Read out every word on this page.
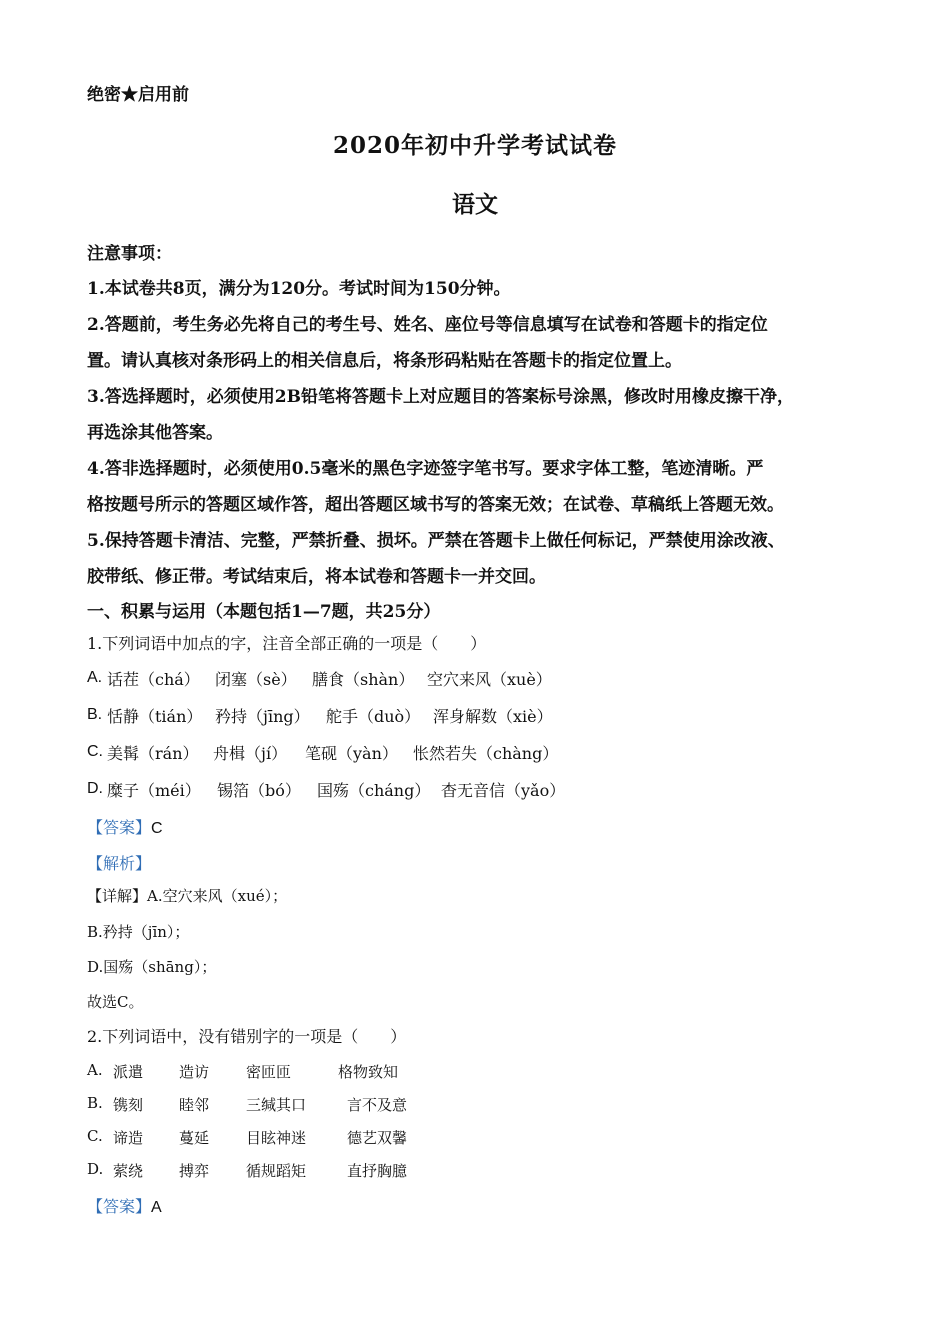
绝密★启用前
2020年初中升学考试试卷
语文
注意事项：
1.本试卷共8页，满分为120分。考试时间为150分钟。
2.答题前，考生务必先将自己的考生号、姓名、座位号等信息填写在试卷和答题卡的指定位
置。请认真核对条形码上的相关信息后，将条形码粘贴在答题卡的指定位置上。
3.答选择题时，必须使用2B铅笔将答题卡上对应题目的答案标号涂黑，修改时用橡皮擦干净，
再选涂其他答案。
4.答非选择题时，必须使用0.5毫米的黑色字迹签字笔书写。要求字体工整，笔迹清晰。严
格按题号所示的答题区域作答，超出答题区域书写的答案无效；在试卷、草稿纸上答题无效。
5.保持答题卡清洁、完整，严禁折叠、损坏。严禁在答题卡上做任何标记，严禁使用涂改液、
胶带纸、修正带。考试结束后，将本试卷和答题卡一并交回。
一、积累与运用（本题包括1—7题，共25分）
1.下列词语中加点的字，注音全部正确的一项是（　　）
A. 话茬（chá） 闭塞（sè） 膳食（shàn） 空穴来风（xuè）
B. 恬静（tián） 矜持（jīng） 舵手（duò） 浑身解数（xiè）
C. 美髯（rán） 舟楫（jí） 笔砚（yàn） 怅然若失（chàng）
D. 糜子（méi） 锡箔（bó） 国殇（cháng） 杳无音信（yǎo）
【答案】C
【解析】
【详解】A.空穴来风（xué）；
B.矜持（jīn）；
D.国殇（shāng）；
故选C。
2.下列词语中，没有错别字的一项是（　　）
A. 派遣 造访 密匝匝	格物致知
B. 镌刻 睦邻 三缄其口	言不及意
C. 谛造 蔓延 目眩神迷	德艺双馨
D. 萦绕 搏弈 循规蹈矩	直抒胸臆
【答案】A
